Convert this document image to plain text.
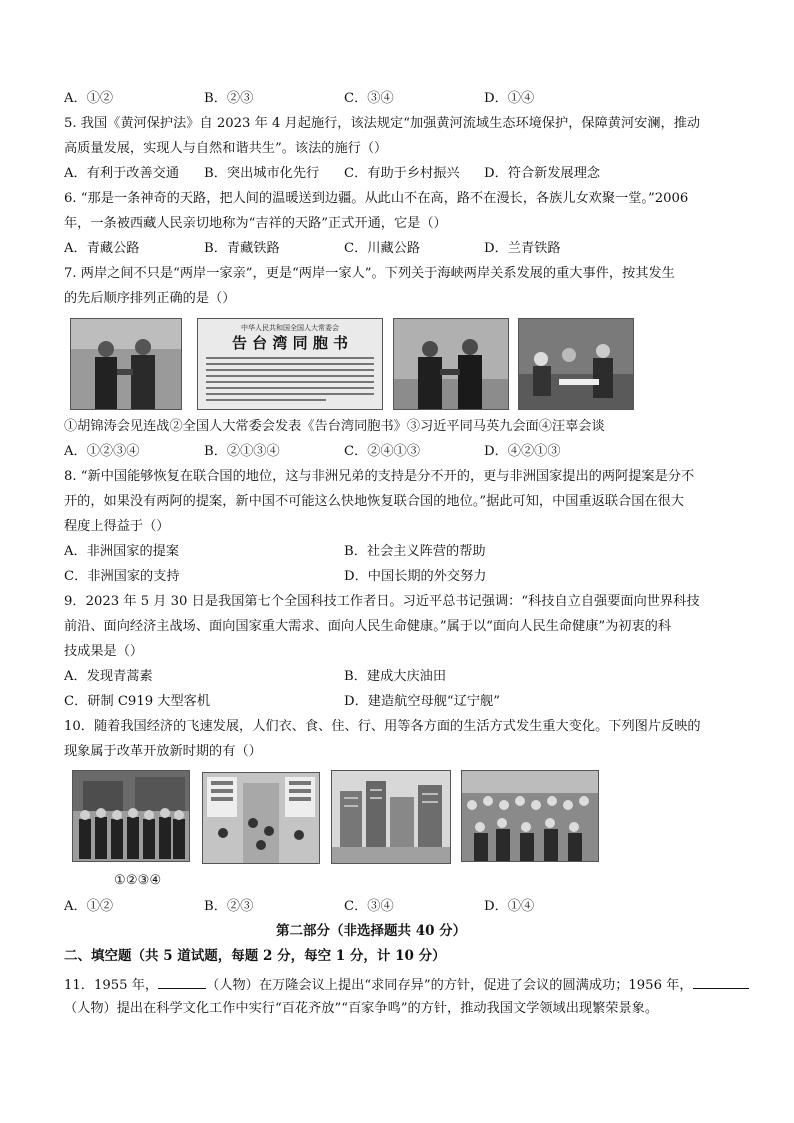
A．①②	B．②③	C．③④	D．①④
5. 我国《黄河保护法》自 2023 年 4 月起施行，该法规定“加强黄河流域生态环境保护，保障黄河安澜，推动
高质量发展，实现人与自然和谐共生”。该法的施行（）
A．有利于改善交通 B．突出城市化先行 C．有助于乡村振兴 D．符合新发展理念
6. “那是一条神奇的天路，把人间的温暖送到边疆。从此山不在高，路不在漫长，各族儿女欢聚一堂。”2006
年，一条被西藏人民亲切地称为“吉祥的天路”正式开通，它是（）
A．青藏公路	B．青藏铁路	C．川藏公路	D．兰青铁路
7. 两岸之间不只是“两岸一家亲”，更是“两岸一家人”。下列关于海峡两岸关系发展的重大事件，按其发生
的先后顺序排列正确的是（）
中华人民共和国全国人大常委会
告 台 湾 同 胞 书
①胡锦涛会见连战②全国人大常委会发表《告台湾同胞书》③习近平同马英九会面④汪辜会谈
A．①②③④	B．②①③④	C．②④①③	D．④②①③
8. “新中国能够恢复在联合国的地位，这与非洲兄弟的支持是分不开的，更与非洲国家提出的两阿提案是分不
开的，如果没有两阿的提案，新中国不可能这么快地恢复联合国的地位。”据此可知，中国重返联合国在很大
程度上得益于（）
A．非洲国家的提案	B．社会主义阵营的帮助
C．非洲国家的支持	D．中国长期的外交努力
9．2023 年 5 月 30 日是我国第七个全国科技工作者日。习近平总书记强调：“科技自立自强要面向世界科技
前沿、面向经济主战场、面向国家重大需求、面向人民生命健康。”属于以“面向人民生命健康”为初衷的科
技成果是（）
A．发现青蒿素	B．建成大庆油田
C．研制 C919 大型客机	D．建造航空母舰“辽宁舰”
10．随着我国经济的飞速发展，人们衣、食、住、行、用等各方面的生活方式发生重大变化。下列图片反映的
现象属于改革开放新时期的有（）
①②③④
A．①②	B．②③	C．③④	D．①④
第二部分（非选择题共 40 分）
二、填空题（共 5 道试题，每题 2 分，每空 1 分，计 10 分）
11．1955 年，	（人物）在万隆会议上提出“求同存异”的方针，促进了会议的圆满成功；1956 年，
（人物）提出在科学文化工作中实行“百花齐放”“百家争鸣”的方针，推动我国文学领域出现繁荣景象。
